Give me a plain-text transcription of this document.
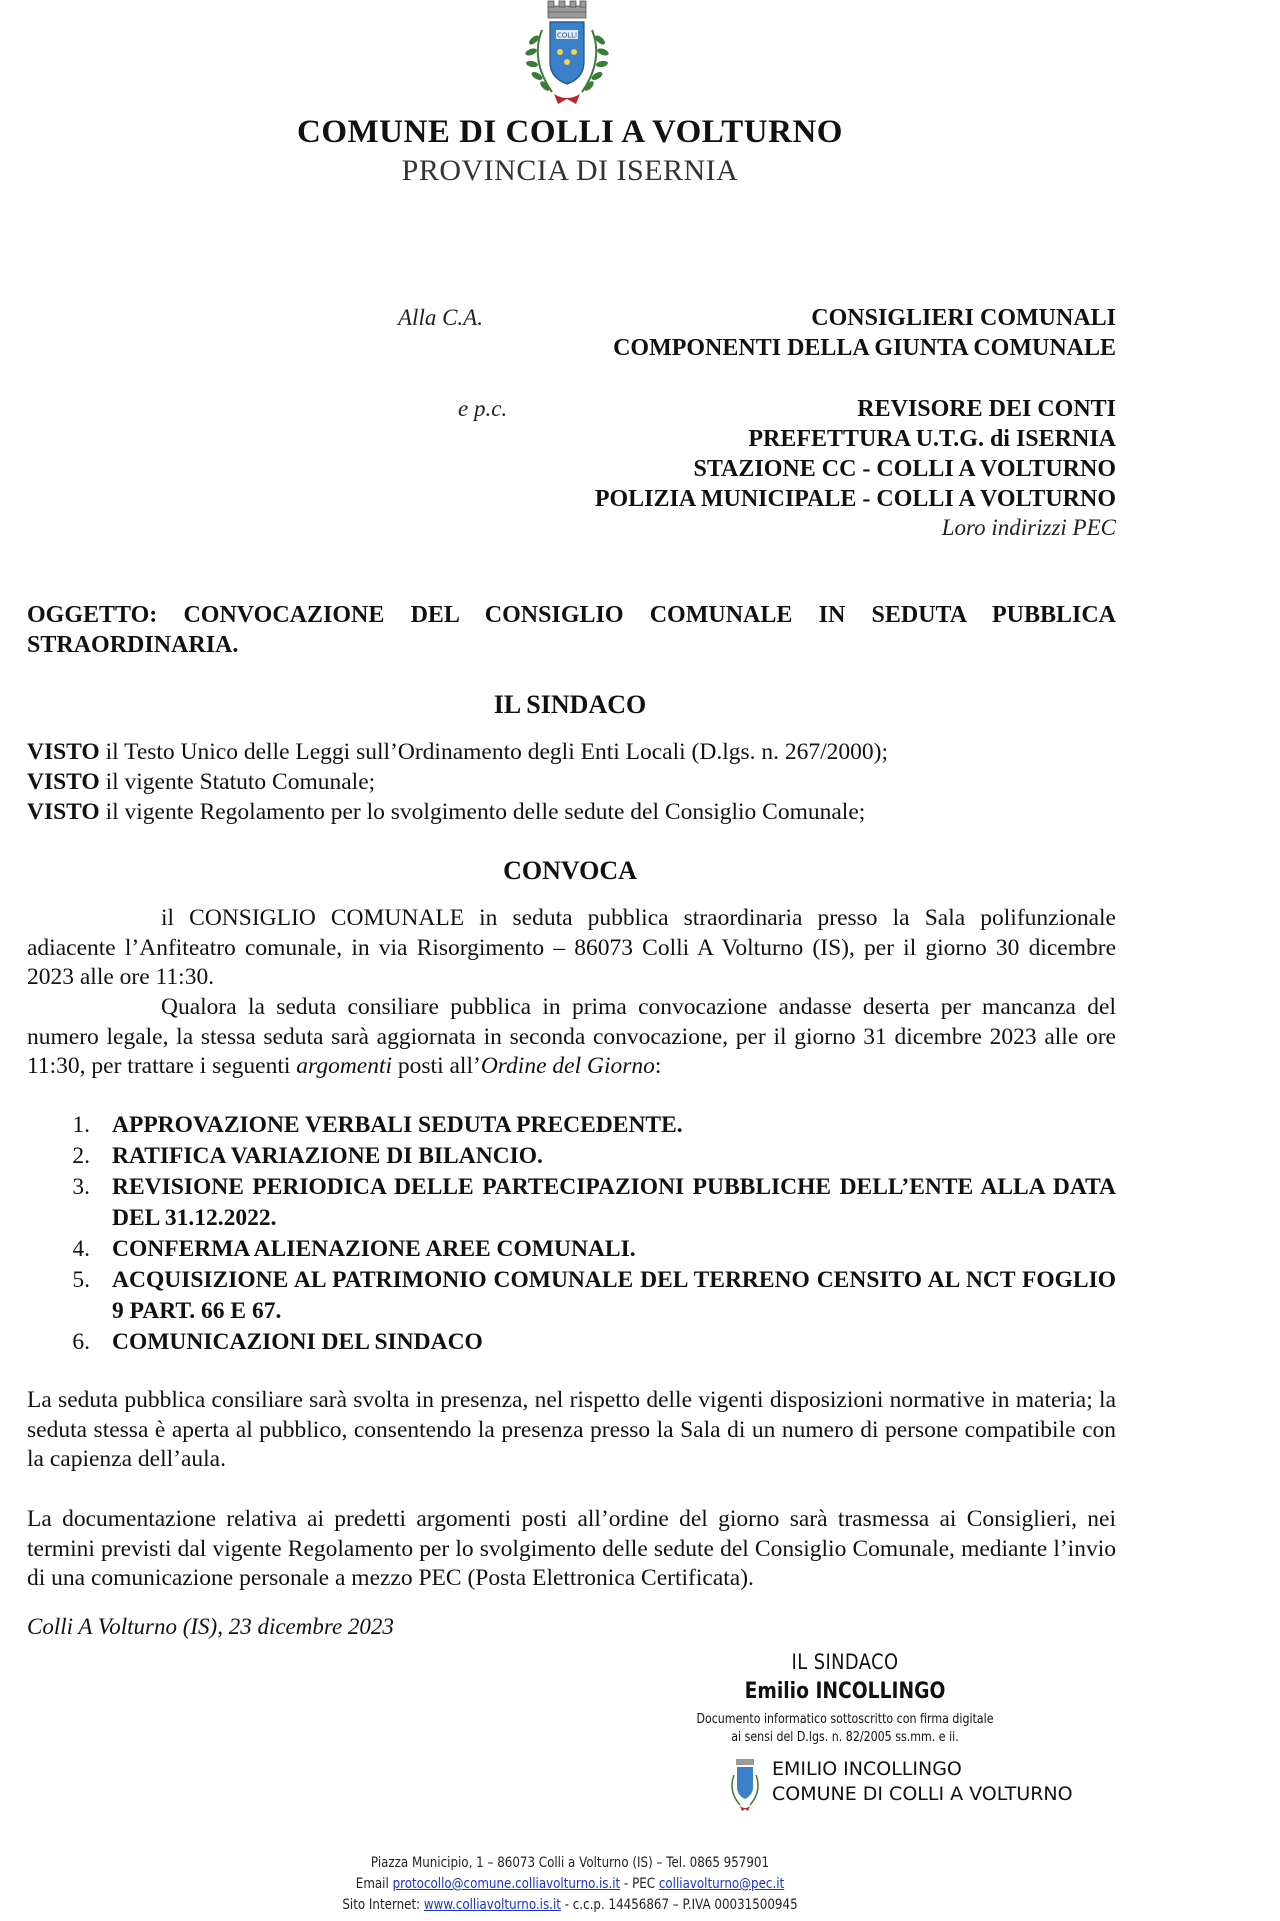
COLLI
COMUNE DI COLLI A VOLTURNO
PROVINCIA DI ISERNIA
Alla C.A.	CONSIGLIERI COMUNALI
COMPONENTI DELLA GIUNTA COMUNALE
e p.c.	REVISORE DEI CONTI
PREFETTURA U.T.G. di ISERNIA
STAZIONE CC - COLLI A VOLTURNO
POLIZIA MUNICIPALE - COLLI A VOLTURNO
Loro indirizzi PEC
OGGETTO: CONVOCAZIONE DEL CONSIGLIO COMUNALE IN SEDUTA PUBBLICA STRAORDINARIA.
IL SINDACO
VISTO il Testo Unico delle Leggi sull’Ordinamento degli Enti Locali (D.lgs. n. 267/2000);
VISTO il vigente Statuto Comunale;
VISTO il vigente Regolamento per lo svolgimento delle sedute del Consiglio Comunale;
CONVOCA
il CONSIGLIO COMUNALE in seduta pubblica straordinaria presso la Sala polifunzionale adiacente l’Anfiteatro comunale, in via Risorgimento – 86073 Colli A Volturno (IS), per il giorno 30 dicembre 2023 alle ore 11:30.
Qualora la seduta consiliare pubblica in prima convocazione andasse deserta per mancanza del numero legale, la stessa seduta sarà aggiornata in seconda convocazione, per il giorno 31 dicembre 2023 alle ore 11:30, per trattare i seguenti argomenti posti all’Ordine del Giorno:
1. APPROVAZIONE VERBALI SEDUTA PRECEDENTE.
2. RATIFICA VARIAZIONE DI BILANCIO.
3. REVISIONE PERIODICA DELLE PARTECIPAZIONI PUBBLICHE DELL’ENTE ALLA DATA DEL 31.12.2022.
4. CONFERMA ALIENAZIONE AREE COMUNALI.
5. ACQUISIZIONE AL PATRIMONIO COMUNALE DEL TERRENO CENSITO AL NCT FOGLIO 9 PART. 66 E 67.
6. COMUNICAZIONI DEL SINDACO
La seduta pubblica consiliare sarà svolta in presenza, nel rispetto delle vigenti disposizioni normative in materia; la seduta stessa è aperta al pubblico, consentendo la presenza presso la Sala di un numero di persone compatibile con la capienza dell’aula.
La documentazione relativa ai predetti argomenti posti all’ordine del giorno sarà trasmessa ai Consiglieri, nei termini previsti dal vigente Regolamento per lo svolgimento delle sedute del Consiglio Comunale, mediante l’invio di una comunicazione personale a mezzo PEC (Posta Elettronica Certificata).
Colli A Volturno (IS), 23 dicembre 2023
IL SINDACO
Emilio INCOLLINGO
Documento informatico sottoscritto con firma digitale
ai sensi del D.lgs. n. 82/2005 ss.mm. e ii.
EMILIO INCOLLINGO
COMUNE DI COLLI A VOLTURNO
Piazza Municipio, 1 – 86073 Colli a Volturno (IS) – Tel. 0865 957901
Email protocollo@comune.colliavolturno.is.it - PEC colliavolturno@pec.it
Sito Internet: www.colliavolturno.is.it - c.c.p. 14456867 – P.IVA 00031500945
